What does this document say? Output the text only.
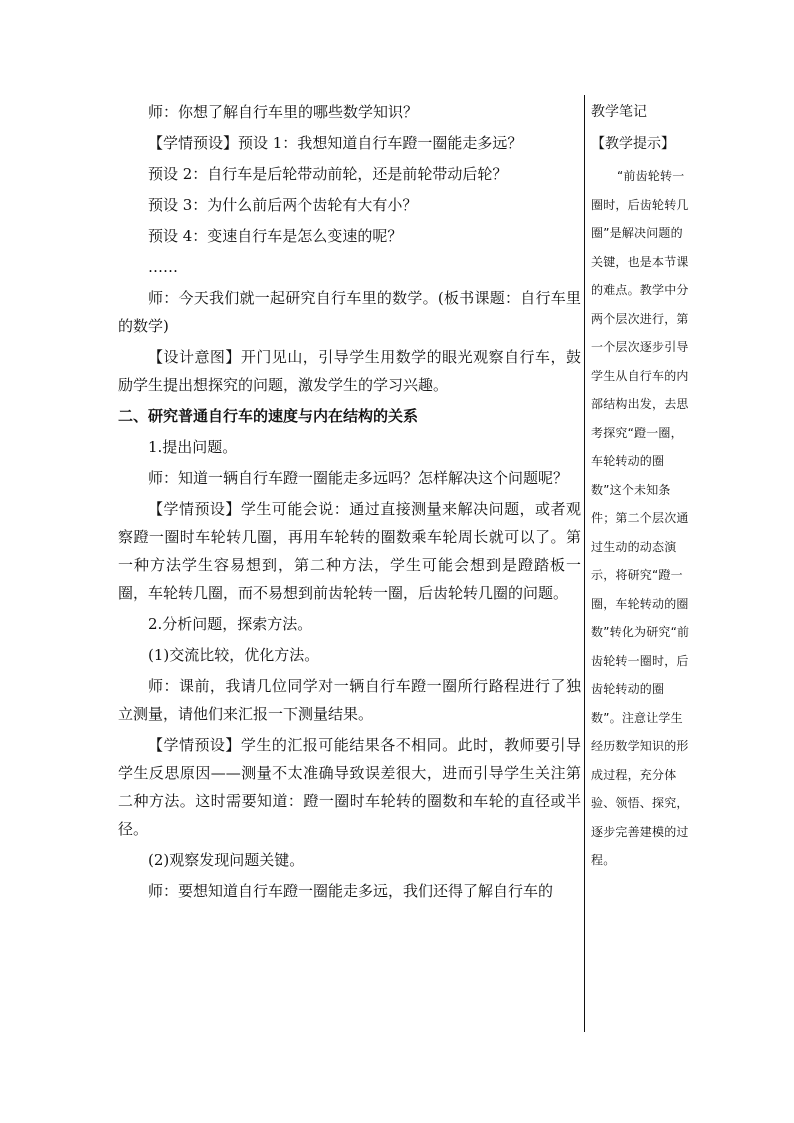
师：你想了解自行车里的哪些数学知识？

【学情预设】预设 1：我想知道自行车蹬一圈能走多远？

预设 2：自行车是后轮带动前轮，还是前轮带动后轮？

预设 3：为什么前后两个齿轮有大有小？

预设 4：变速自行车是怎么变速的呢？

……

师：今天我们就一起研究自行车里的数学。(板书课题：自行车里的数学)

【设计意图】开门见山，引导学生用数学的眼光观察自行车，鼓励学生提出想探究的问题，激发学生的学习兴趣。

二、研究普通自行车的速度与内在结构的关系

1.提出问题。

师：知道一辆自行车蹬一圈能走多远吗？怎样解决这个问题呢？

【学情预设】学生可能会说：通过直接测量来解决问题，或者观察蹬一圈时车轮转几圈，再用车轮转的圈数乘车轮周长就可以了。第一种方法学生容易想到，第二种方法，学生可能会想到是蹬踏板一圈，车轮转几圈，而不易想到前齿轮转一圈，后齿轮转几圈的问题。

2.分析问题，探索方法。

(1)交流比较，优化方法。

师：课前，我请几位同学对一辆自行车蹬一圈所行路程进行了独立测量，请他们来汇报一下测量结果。

【学情预设】学生的汇报可能结果各不相同。此时，教师要引导学生反思原因——测量不太准确导致误差很大，进而引导学生关注第二种方法。这时需要知道：蹬一圈时车轮转的圈数和车轮的直径或半径。

(2)观察发现问题关键。

师：要想知道自行车蹬一圈能走多远，我们还得了解自行车的

教学笔记

【教学提示】

“前齿轮转一圈时，后齿轮转几圈”是解决问题的关键，也是本节课的难点。教学中分两个层次进行，第一个层次逐步引导学生从自行车的内部结构出发，去思考探究“蹬一圈，车轮转动的圈数”这个未知条件；第二个层次通过生动的动态演示，将研究“蹬一圈，车轮转动的圈数”转化为研究“前齿轮转一圈时，后齿轮转动的圈数”。注意让学生经历数学知识的形成过程，充分体验、领悟、探究，逐步完善建模的过程。
